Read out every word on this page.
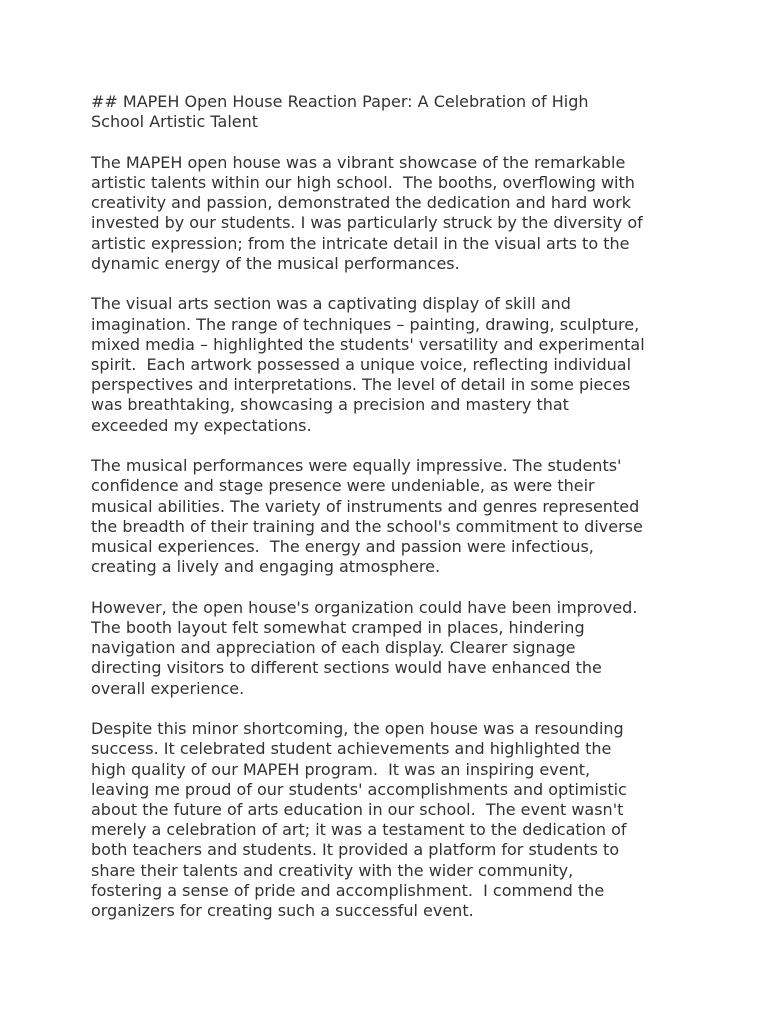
## MAPEH Open House Reaction Paper: A Celebration of High
School Artistic Talent

The MAPEH open house was a vibrant showcase of the remarkable
artistic talents within our high school.  The booths, overflowing with
creativity and passion, demonstrated the dedication and hard work
invested by our students. I was particularly struck by the diversity of
artistic expression; from the intricate detail in the visual arts to the
dynamic energy of the musical performances.

The visual arts section was a captivating display of skill and
imagination. The range of techniques – painting, drawing, sculpture,
mixed media – highlighted the students' versatility and experimental
spirit.  Each artwork possessed a unique voice, reflecting individual
perspectives and interpretations. The level of detail in some pieces
was breathtaking, showcasing a precision and mastery that
exceeded my expectations.

The musical performances were equally impressive. The students'
confidence and stage presence were undeniable, as were their
musical abilities. The variety of instruments and genres represented
the breadth of their training and the school's commitment to diverse
musical experiences.  The energy and passion were infectious,
creating a lively and engaging atmosphere.

However, the open house's organization could have been improved.
The booth layout felt somewhat cramped in places, hindering
navigation and appreciation of each display. Clearer signage
directing visitors to different sections would have enhanced the
overall experience.

Despite this minor shortcoming, the open house was a resounding
success. It celebrated student achievements and highlighted the
high quality of our MAPEH program.  It was an inspiring event,
leaving me proud of our students' accomplishments and optimistic
about the future of arts education in our school.  The event wasn't
merely a celebration of art; it was a testament to the dedication of
both teachers and students. It provided a platform for students to
share their talents and creativity with the wider community,
fostering a sense of pride and accomplishment.  I commend the
organizers for creating such a successful event.
